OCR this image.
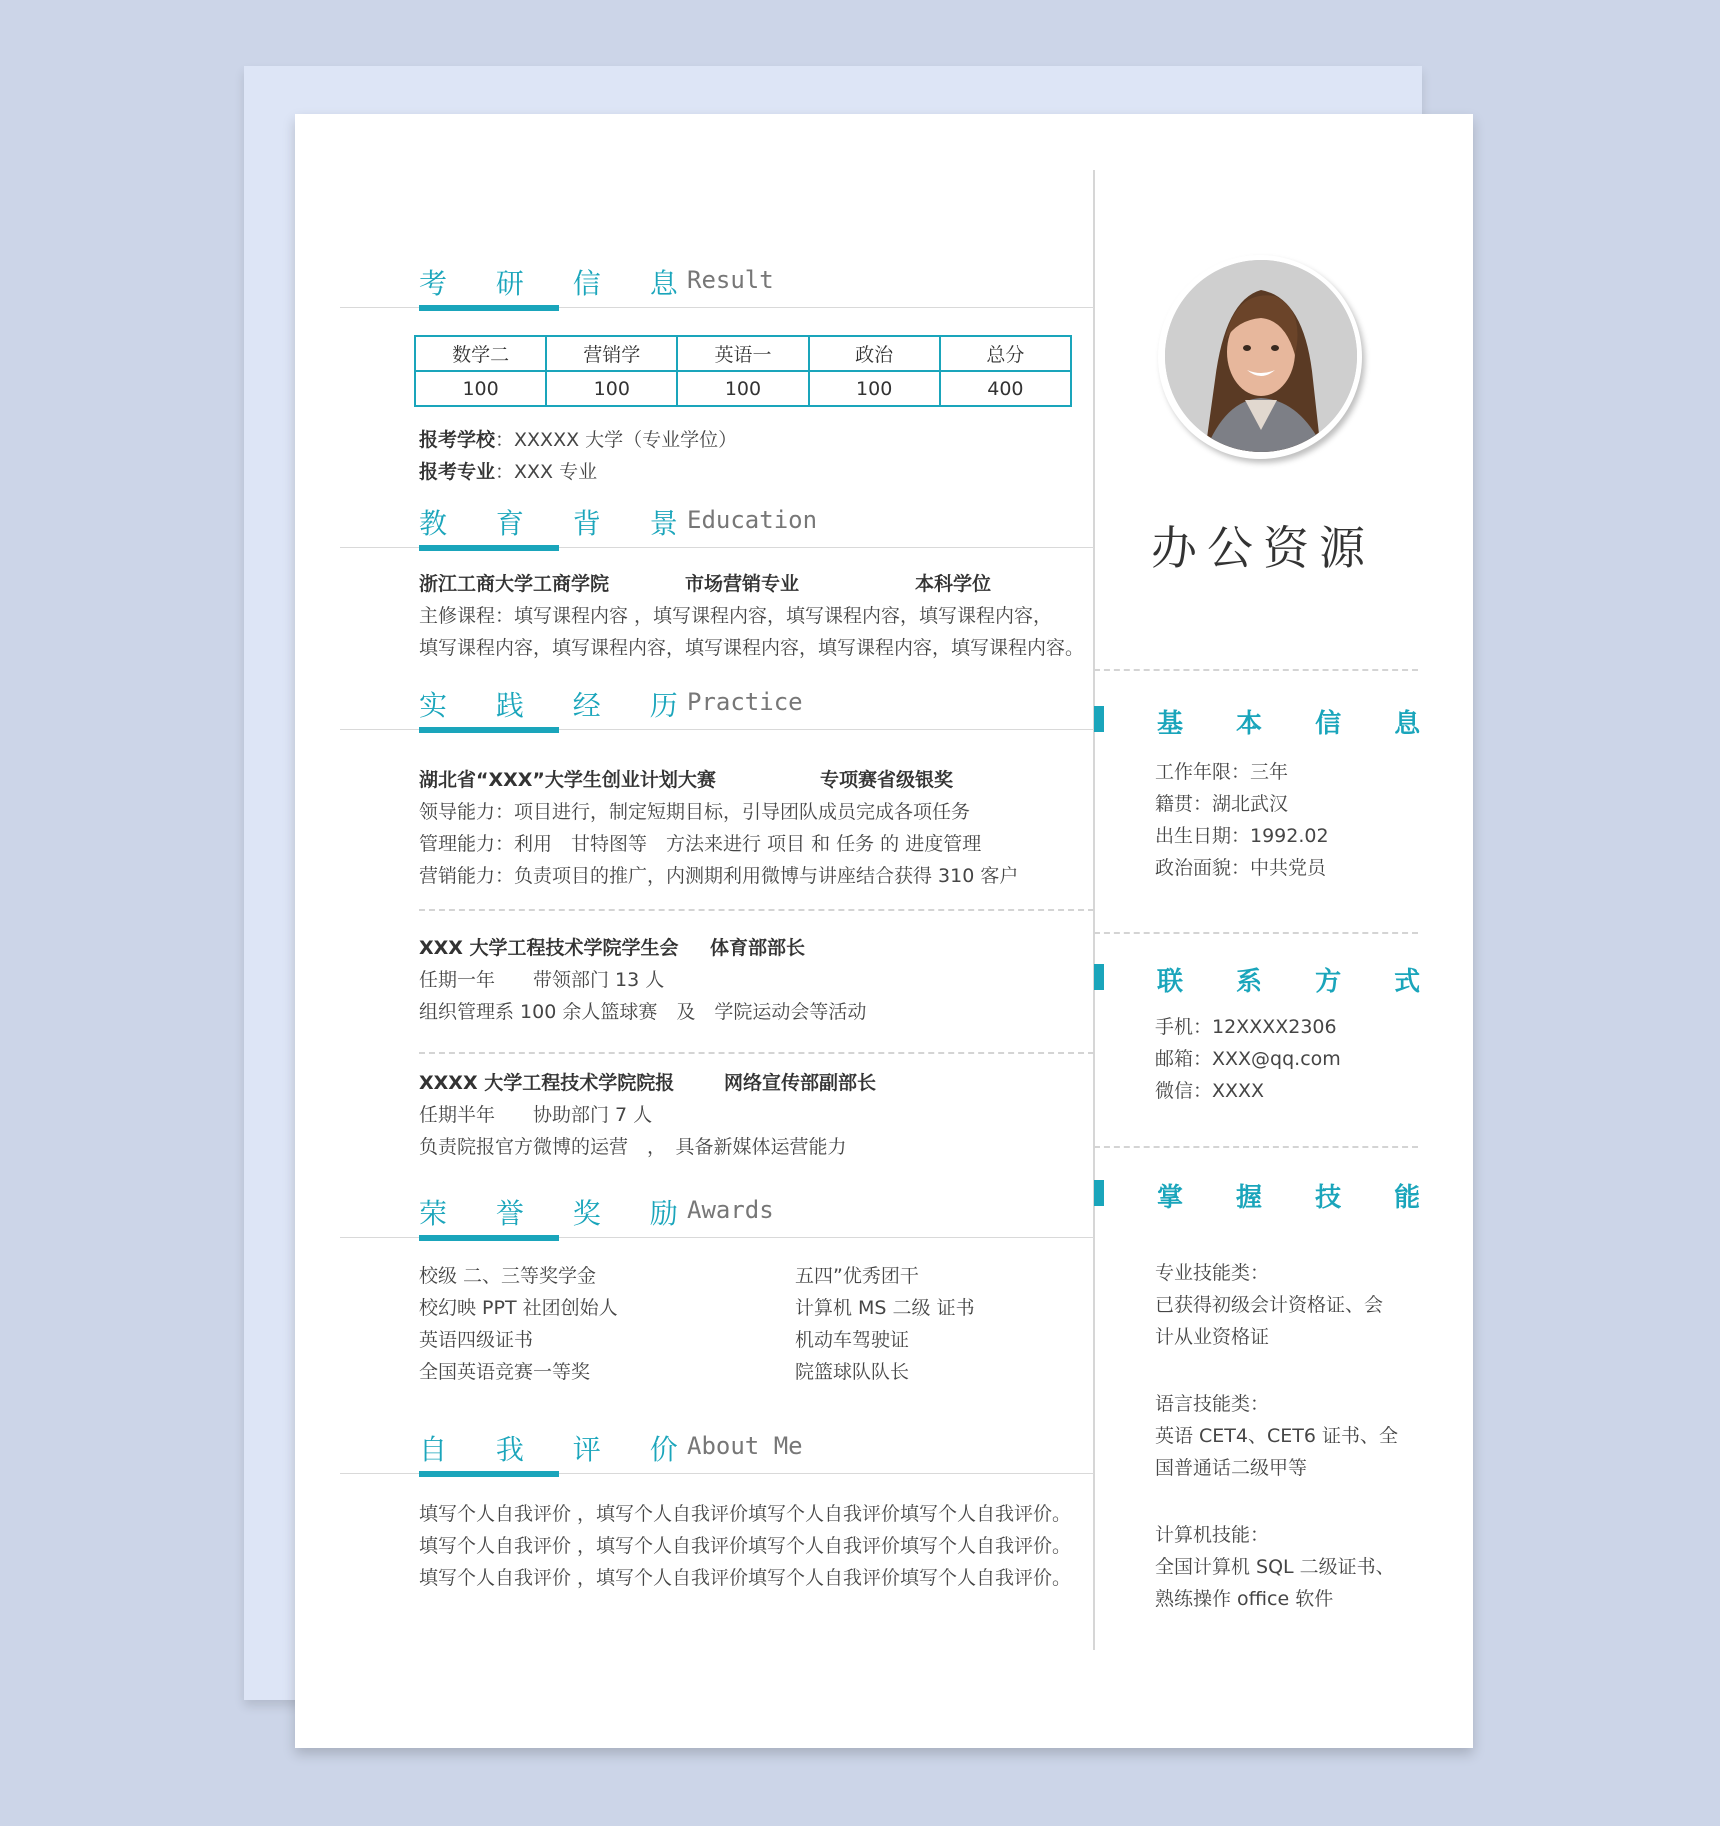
考 研 信 息
Result
数学二	营销学	英语一	政治	总分
100	100	100	100	400
报考学校：XXXXX 大学（专业学位）
报考专业：XXX 专业
教 育 背 景
Education
浙江工商大学工商学院	市场营销专业	本科学位
主修课程：填写课程内容 ，填写课程内容，填写课程内容，填写课程内容，
填写课程内容，填写课程内容，填写课程内容，填写课程内容，填写课程内容。
实 践 经 历
Practice
湖北省“XXX”大学生创业计划大赛	专项赛省级银奖
领导能力：项目进行，制定短期目标，引导团队成员完成各项任务
管理能力：利用　甘特图等　方法来进行 项目 和 任务 的 进度管理
营销能力：负责项目的推广，内测期利用微博与讲座结合获得 310 客户
XXX 大学工程技术学院学生会 体育部部长
任期一年　　带领部门 13 人
组织管理系 100 余人篮球赛　及　学院运动会等活动
XXXX 大学工程技术学院院报	网络宣传部副部长
任期半年　　协助部门 7 人
负责院报官方微博的运营　，　具备新媒体运营能力
荣 誉 奖 励
Awards
校级 二、三等奖学金
校幻映 PPT 社团创始人
英语四级证书
全国英语竞赛一等奖
五四”优秀团干
计算机 MS 二级 证书
机动车驾驶证
院篮球队队长
自 我 评 价
About Me
填写个人自我评价 ，填写个人自我评价填写个人自我评价填写个人自我评价。
填写个人自我评价 ，填写个人自我评价填写个人自我评价填写个人自我评价。
填写个人自我评价 ，填写个人自我评价填写个人自我评价填写个人自我评价。
办公资源
基 本 信 息
工作年限：三年
籍贯：湖北武汉
出生日期：1992.02
政治面貌：中共党员
联 系 方 式
手机：12XXXX2306
邮箱：XXX@qq.com
微信：XXXX
掌 握 技 能
专业技能类：
已获得初级会计资格证、会
计从业资格证
语言技能类：
英语 CET4、CET6 证书、全
国普通话二级甲等
计算机技能：
全国计算机 SQL 二级证书、
熟练操作 office 软件
